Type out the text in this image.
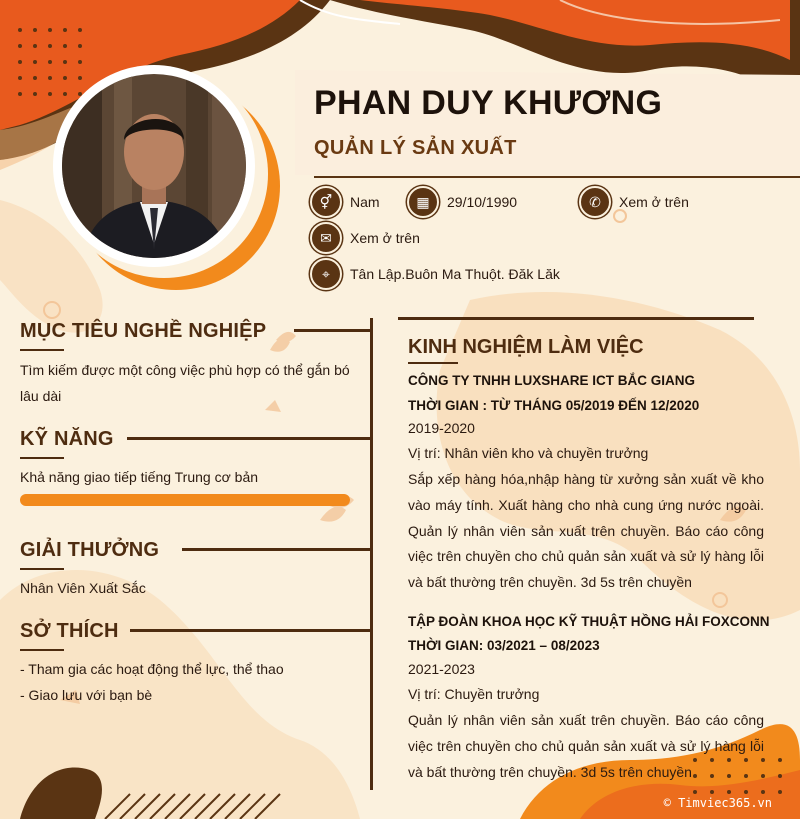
PHAN DUY KHƯƠNG
QUẢN LÝ SẢN XUẤT
⚥	Nam	▦	29/10/1990	✆	Xem ở trên
✉	Xem ở trên
⌖	Tân Lập.Buôn Ma Thuột. Đăk Lăk
MỤC TIÊU NGHỀ NGHIỆP
Tìm kiếm được một công việc phù hợp có thể gắn bó lâu dài
KỸ NĂNG
Khả năng giao tiếp tiếng Trung cơ bản
GIẢI THƯỞNG
Nhân Viên Xuất Sắc
SỞ THÍCH
- Tham gia các hoạt động thể lực, thể thao
- Giao lưu với bạn bè
KINH NGHIỆM LÀM VIỆC
CÔNG TY TNHH LUXSHARE ICT BẮC GIANG
THỜI GIAN : TỪ THÁNG 05/2019 ĐẾN 12/2020
2019-2020
Vị trí: Nhân viên kho và chuyền trưởng
Sắp xếp hàng hóa,nhập hàng từ xưởng sản xuất về kho vào máy tính. Xuất hàng cho nhà cung ứng nước ngoài. Quản lý nhân viên sản xuất trên chuyền. Báo cáo công việc trên chuyền cho chủ quản sản xuất và sử lý hàng lỗi và bất thường trên chuyền. 3d 5s trên chuyền
TẬP ĐOÀN KHOA HỌC KỸ THUẬT HỒNG HẢI FOXCONN
THỜI GIAN: 03/2021 – 08/2023
2021-2023
Vị trí: Chuyền trưởng
Quản lý nhân viên sản xuất trên chuyền. Báo cáo công việc trên chuyền cho chủ quản sản xuất và sử lý hàng lỗi và bất thường trên chuyền. 3d 5s trên chuyền
© Timviec365.vn
